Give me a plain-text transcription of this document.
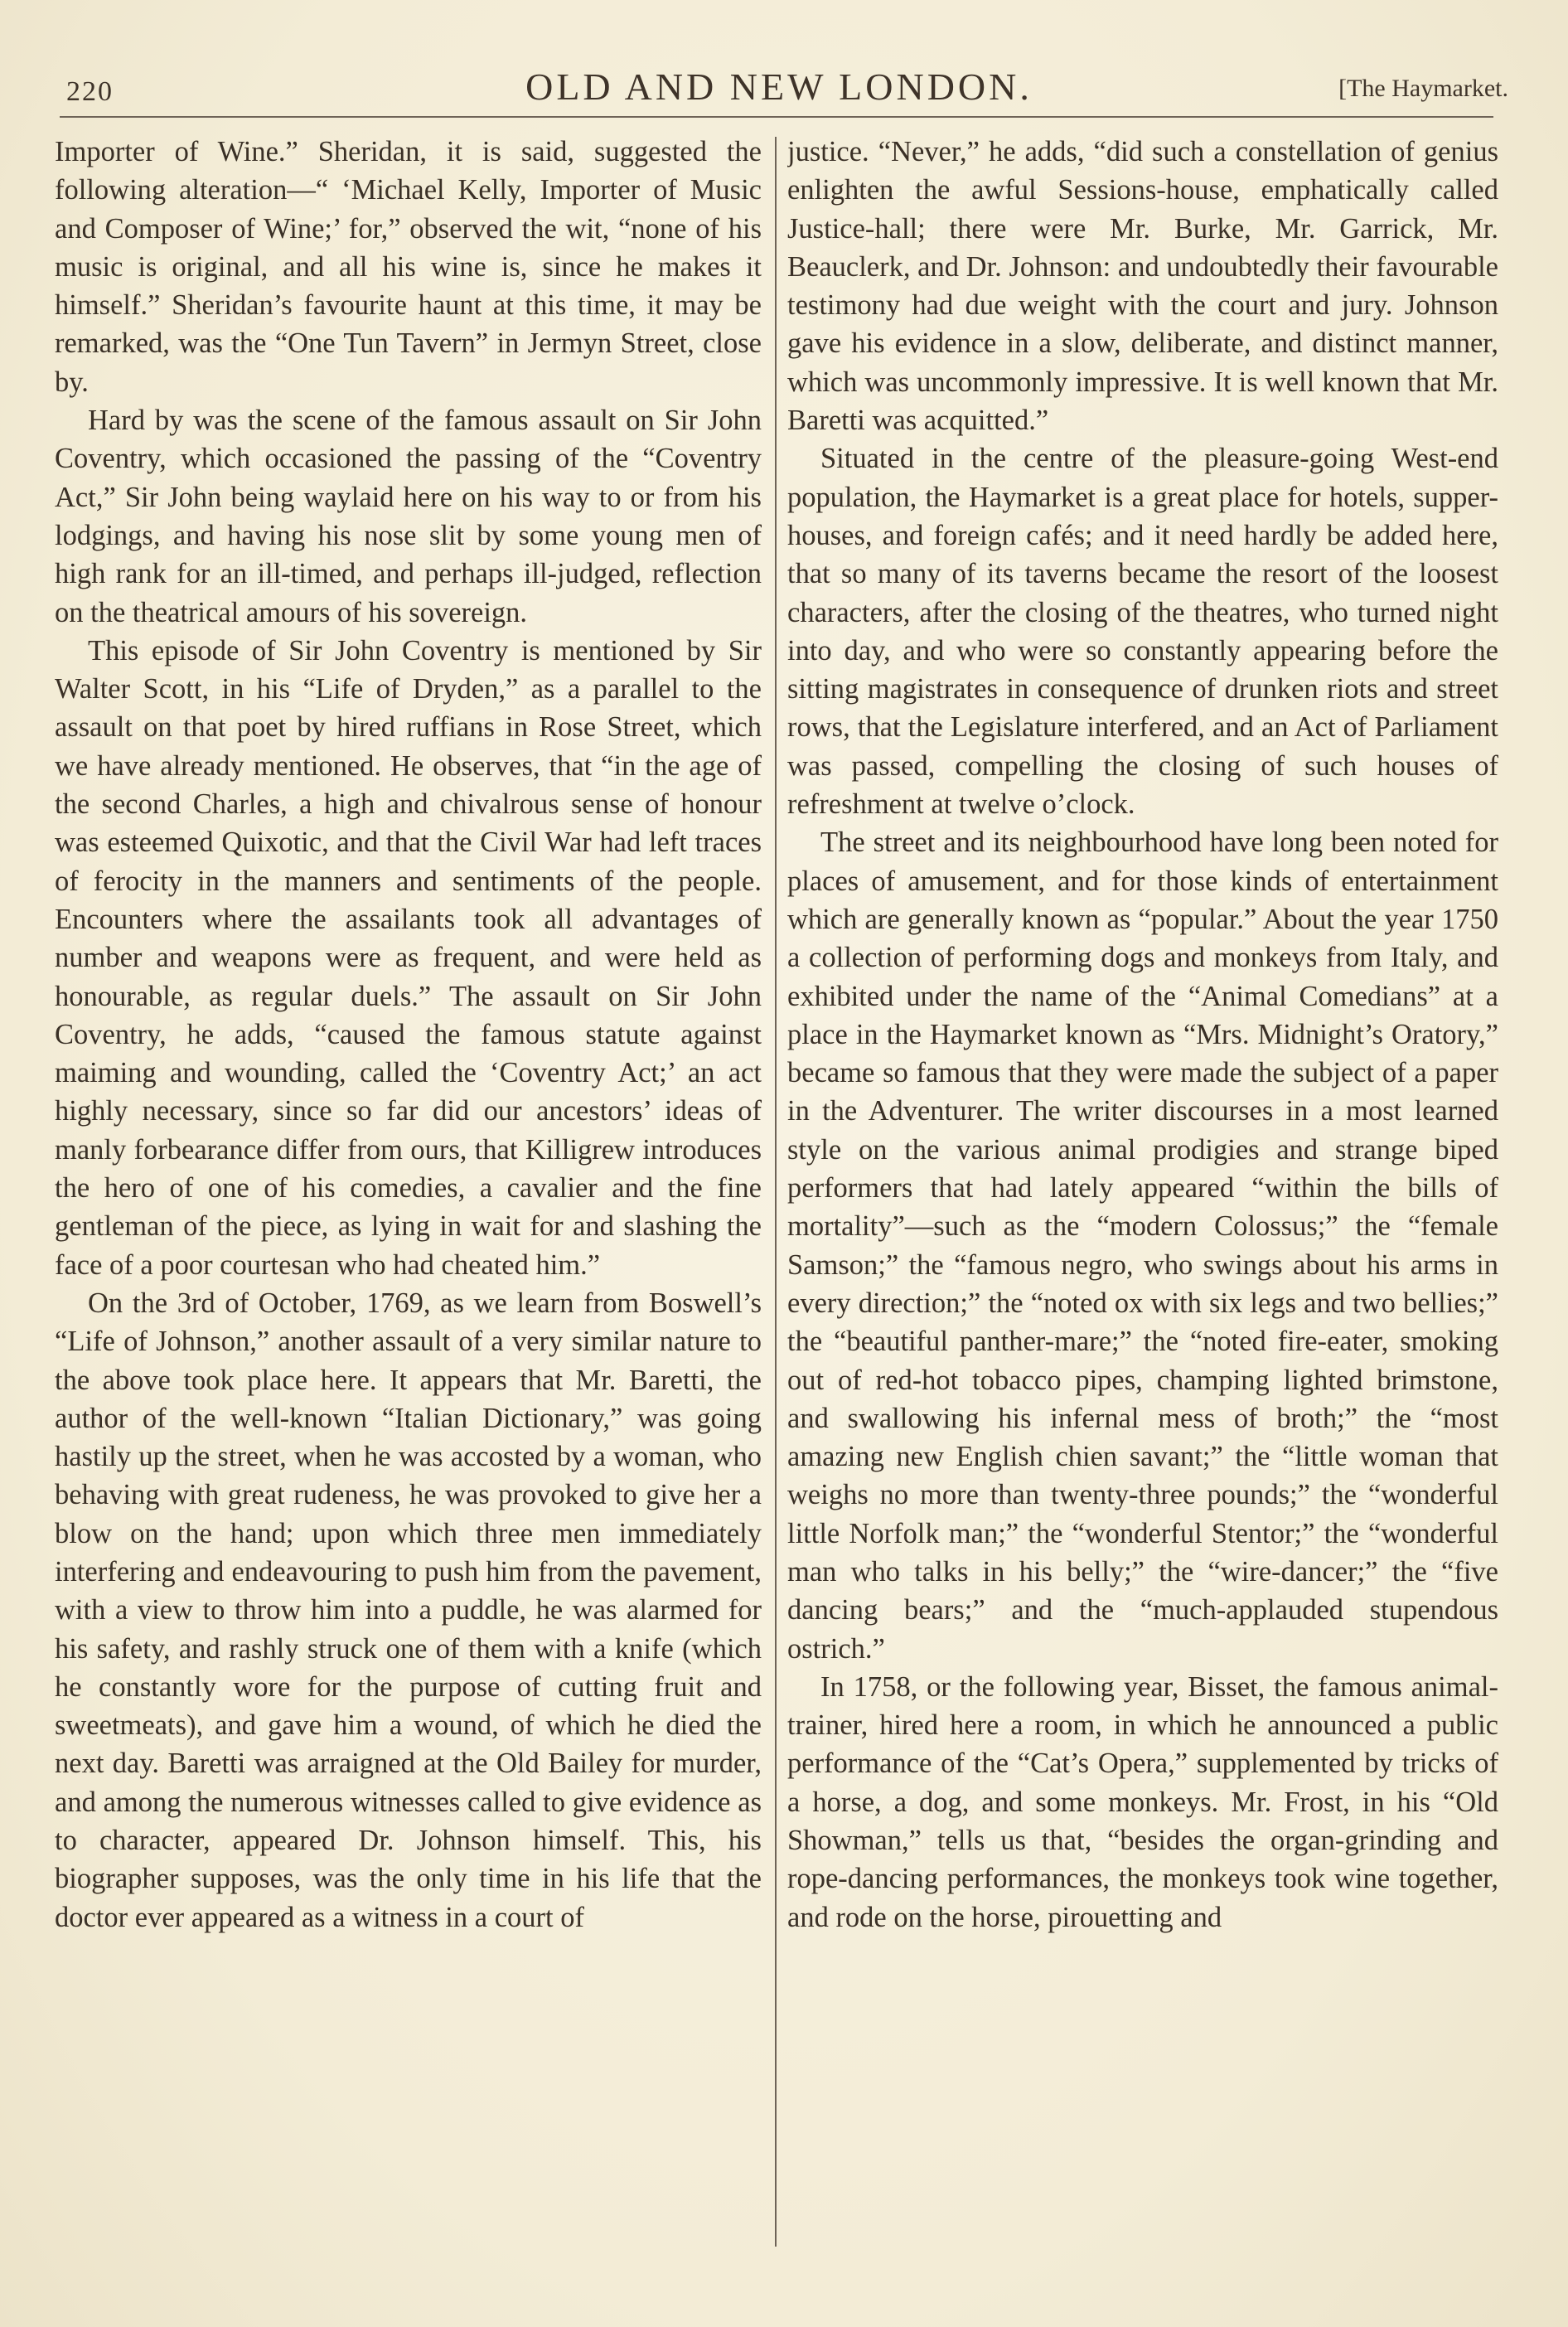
220	OLD AND NEW LONDON.	[The Haymarket.

Importer of Wine.” Sheridan, it is said, suggested the following alteration—“ ‘Michael Kelly, Importer of Music and Composer of Wine;’ for,” observed the wit, “none of his music is original, and all his wine is, since he makes it himself.” Sheridan’s favourite haunt at this time, it may be remarked, was the “One Tun Tavern” in Jermyn Street, close by.

Hard by was the scene of the famous assault on Sir John Coventry, which occasioned the passing of the “Coventry Act,” Sir John being waylaid here on his way to or from his lodgings, and having his nose slit by some young men of high rank for an ill-timed, and perhaps ill-judged, reflection on the theatrical amours of his sovereign.

This episode of Sir John Coventry is mentioned by Sir Walter Scott, in his “Life of Dryden,” as a parallel to the assault on that poet by hired ruffians in Rose Street, which we have already mentioned. He observes, that “in the age of the second Charles, a high and chivalrous sense of honour was esteemed Quixotic, and that the Civil War had left traces of ferocity in the manners and sentiments of the people. Encounters where the assailants took all advantages of number and weapons were as frequent, and were held as honourable, as regular duels.” The assault on Sir John Coventry, he adds, “caused the famous statute against maiming and wounding, called the ‘Coventry Act;’ an act highly necessary, since so far did our ancestors’ ideas of manly forbearance differ from ours, that Killigrew introduces the hero of one of his comedies, a cavalier and the fine gentleman of the piece, as lying in wait for and slashing the face of a poor courtesan who had cheated him.”

On the 3rd of October, 1769, as we learn from Boswell’s “Life of Johnson,” another assault of a very similar nature to the above took place here. It appears that Mr. Baretti, the author of the well-known “Italian Dictionary,” was going hastily up the street, when he was accosted by a woman, who behaving with great rudeness, he was provoked to give her a blow on the hand; upon which three men immediately interfering and endeavouring to push him from the pavement, with a view to throw him into a puddle, he was alarmed for his safety, and rashly struck one of them with a knife (which he constantly wore for the purpose of cutting fruit and sweetmeats), and gave him a wound, of which he died the next day. Baretti was arraigned at the Old Bailey for murder, and among the numerous witnesses called to give evidence as to character, appeared Dr. Johnson himself. This, his biographer supposes, was the only time in his life that the doctor ever appeared as a witness in a court of

justice. “Never,” he adds, “did such a constellation of genius enlighten the awful Sessions-house, emphatically called Justice-hall; there were Mr. Burke, Mr. Garrick, Mr. Beauclerk, and Dr. Johnson: and undoubtedly their favourable testimony had due weight with the court and jury. Johnson gave his evidence in a slow, deliberate, and distinct manner, which was uncommonly impressive. It is well known that Mr. Baretti was acquitted.”

Situated in the centre of the pleasure-going West-end population, the Haymarket is a great place for hotels, supper-houses, and foreign cafés; and it need hardly be added here, that so many of its taverns became the resort of the loosest characters, after the closing of the theatres, who turned night into day, and who were so constantly appearing before the sitting magistrates in consequence of drunken riots and street rows, that the Legislature interfered, and an Act of Parliament was passed, compelling the closing of such houses of refreshment at twelve o’clock.

The street and its neighbourhood have long been noted for places of amusement, and for those kinds of entertainment which are generally known as “popular.” About the year 1750 a collection of performing dogs and monkeys from Italy, and exhibited under the name of the “Animal Comedians” at a place in the Haymarket known as “Mrs. Midnight’s Oratory,” became so famous that they were made the subject of a paper in the Adventurer. The writer discourses in a most learned style on the various animal prodigies and strange biped performers that had lately appeared “within the bills of mortality”—such as the “modern Colossus;” the “female Samson;” the “famous negro, who swings about his arms in every direction;” the “noted ox with six legs and two bellies;” the “beautiful panther-mare;” the “noted fire-eater, smoking out of red-hot tobacco pipes, champing lighted brimstone, and swallowing his infernal mess of broth;” the “most amazing new English chien savant;” the “little woman that weighs no more than twenty-three pounds;” the “wonderful little Norfolk man;” the “wonderful Stentor;” the “wonderful man who talks in his belly;” the “wire-dancer;” the “five dancing bears;” and the “much-applauded stupendous ostrich.”

In 1758, or the following year, Bisset, the famous animal-trainer, hired here a room, in which he announced a public performance of the “Cat’s Opera,” supplemented by tricks of a horse, a dog, and some monkeys. Mr. Frost, in his “Old Showman,” tells us that, “besides the organ-grinding and rope-dancing performances, the monkeys took wine together, and rode on the horse, pirouetting and
